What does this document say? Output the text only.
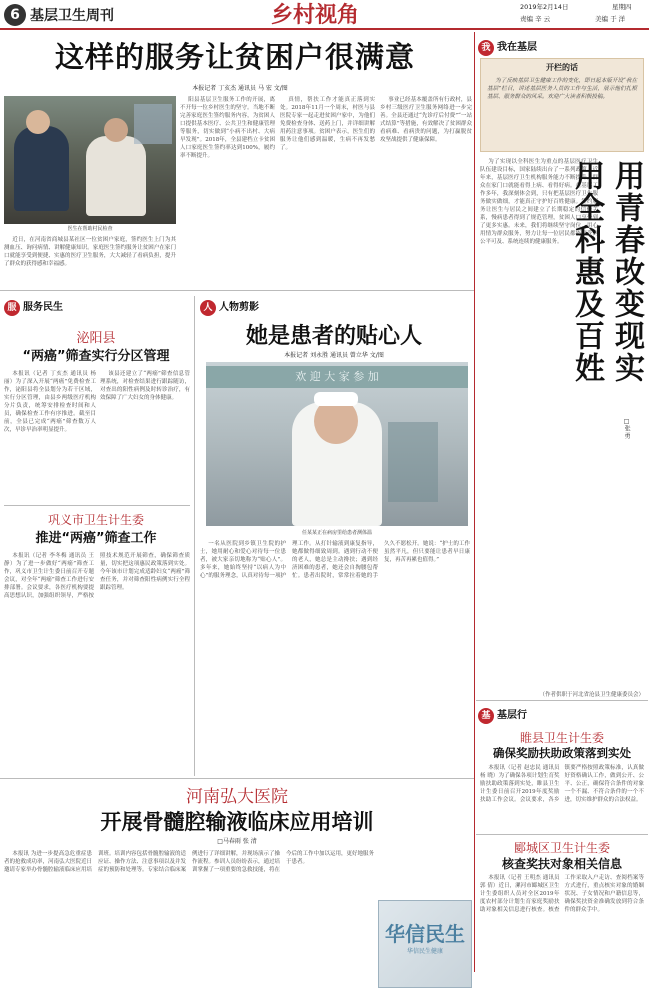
6 基层卫生周刊	乡村视角	2019年2月14日	星期四
责编 辛 云	美编 于 洋
这样的服务让贫困户很满意
本报记者 丁亥杰 通讯员 马 宏 文/图
医生在帮助村民检查

近日，在河南省商城县某社区一位贫困户家庭，签约医生上门为其测血压、询问病情、讲解健康知识。家庭医生签约服务让贫困户在家门口就能享受到便捷、实惠的医疗卫生服务，大大减轻了看病负担，提升了群众的获得感和幸福感。

阳县基层卫生服务工作的开展，离不开每一位乡村医生的坚守。当地不断完善家庭医生签约服务内容，为贫困人口提供基本医疗、公共卫生和健康管理等服务，切实做到“小病不出村、大病早发现”。2018年，全县建档立卡贫困人口家庭医生签约率达到100%，履约率不断提升。

真情，帮扶工作才能真正落到实处。2018年11月一个周末，村医与县医院专家一起走进贫困户家中，为他们免费检查身体、送药上门，并详细讲解用药注意事项。贫困户表示，医生们的服务让他们感到温暖，生病不再发愁了。

事业已经基本覆盖所有行政村，县乡村三级医疗卫生服务网络进一步完善。全县还通过“先诊疗后付费”“一站式结算”等措施，有效解决了贫困群众看病难、看病贵的问题，为打赢脱贫攻坚战提供了健康保障。

我 我在基层
开栏的话

为了反映基层卫生健康工作的变化，即日起本版开设“我在基层”栏目，讲述基层医务人员的工作与生活，展示他们扎根基层、服务群众的风采。欢迎广大读者积极投稿。

为了实现以全科医生为重点的基层医疗卫生队伍建设目标，国家陆续出台了一系列政策。近年来，基层医疗卫生机构服务能力不断提升，群众在家门口就能看得上病、看得好病。在基层工作多年，我深刻体会到，只有把基层医疗卫生服务做实做细，才能真正守护好百姓健康。签约服务让医生与居民之间建立了长期稳定的信任关系，慢病患者得到了规范管理，贫困人口享受到了更多实惠。未来，我们将继续坚守岗位，用心用情为群众服务，努力让每一位居民都能享受到公平可及、系统连续的健康服务。	用青春改变现实 用全科惠及百姓
□张 勇
（作者供职于河北省沧县卫生健康委员会）
服 服务民生
泌阳县
“两癌”筛查实行分区管理

本报讯（记者 丁亥杰 通讯员 杨 丽）为了深入开展“两癌”免费检查工作，泌阳县将全县划分为若干区域，实行分区管理，由县乡两级医疗机构分片负责，统筹安排检查时间和人员，确保检查工作有序推进。截至目前，全县已完成“两癌”筛查数万人次，早诊早治率明显提升。

该县还建立了“两癌”筛查信息管理系统，对检查结果进行跟踪随访，对查出的阳性病例及时转诊治疗，有效保障了广大妇女的身体健康。

巩义市卫生计生委
推进“两癌”筛查工作

本报讯（记者 李冬梅 通讯员 王 静）为了进一步做好“两癌”筛查工作，巩义市卫生计生委日前召开专题会议，对全年“两癌”筛查工作进行安排部署。会议要求，各医疗机构要提高思想认识，加强组织领导，严格按照技术规范开展筛查，确保筛查质量，切实把这项惠民政策落到实处。今年该市计划完成适龄妇女“两癌”筛查任务，并对筛查阳性病例实行全程跟踪管理。

人 人物剪影
她是患者的贴心人
本报记者 刘永胜 通讯员 曾立华 文/图
欢 迎 大 家 参 加
任某某正在病房里给患者测体温

一名从医院到乡镇卫生院的护士，她用耐心和爱心对待每一位患者，被大家亲切地称为“贴心人”。多年来，她始终坚持“以病人为中心”的服务理念，认真对待每一项护理工作。从打针输液到康复指导，她都做得细致周到。遇到行动不便的老人，她总是主动搀扶；遇到经济困难的患者，她还会自掏腰包帮忙。患者出院时，常常拉着她的手久久不愿松开。她说：“护士的工作虽然平凡，但只要能让患者早日康复，再苦再累也值得。”

河南弘大医院
开展骨髓腔输液临床应用培训
□马春雨 张 清

本报讯 为进一步提高急危重症患者的抢救成功率，河南弘大医院近日邀请专家举办骨髓腔输液临床应用培训班。培训内容包括骨髓腔输液的适应证、操作方法、注意事项以及并发症的预防和处理等。专家结合临床案例进行了详细讲解，并现场演示了操作流程。参训人员纷纷表示，通过培训掌握了一项重要的急救技能，将在今后的工作中加以运用，更好地服务于患者。

华信民生
华信民生健康
基 基层行
睢县卫生计生委
确保奖励扶助政策落到实处

本报讯（记者 赵忠民 通讯员 杨 晓）为了确保各项计划生育奖励扶助政策落到实处，睢县卫生计生委日前召开2019年度奖励扶助工作会议。会议要求，各乡镇要严格按照政策标准，认真做好资格确认工作，做到公开、公平、公正，确保符合条件的对象一个不漏、不符合条件的一个不进，切实维护群众的合法权益。

郾城区卫生计生委
核查奖扶对象相关信息

本报讯（记者 王明杰 通讯员 郭 倩）近日，漯河市郾城区卫生计生委组织人员对全区2019年度农村部分计划生育家庭奖励扶助对象相关信息进行核查。核查工作采取入户走访、查阅档案等方式进行，重点核实对象的婚姻状况、子女情况和户籍信息等，确保奖扶资金准确发放到符合条件的群众手中。
